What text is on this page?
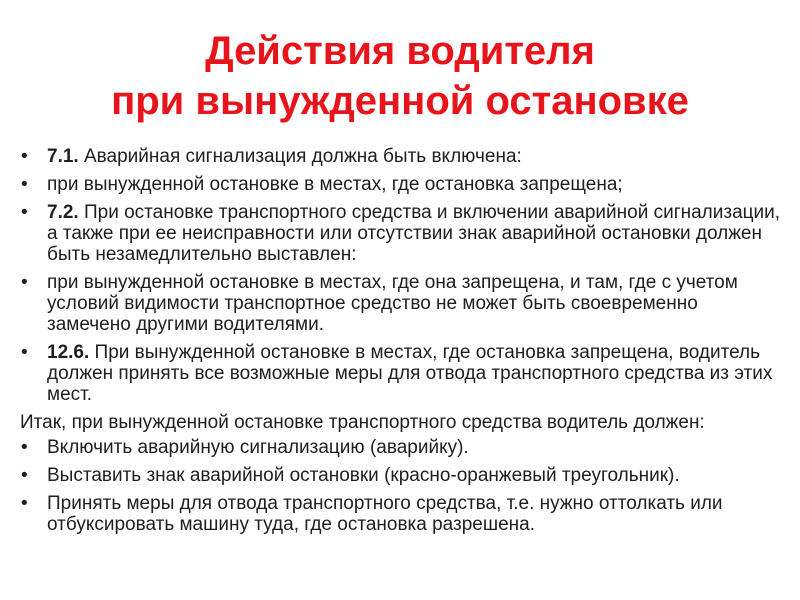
Действия водителя
при вынужденной остановке
• 7.1. Аварийная сигнализация должна быть включена:
• при вынужденной остановке в местах, где остановка запрещена;
• 7.2. При остановке транспортного средства и включении аварийной сигнализации, а также при ее неисправности или отсутствии знак аварийной остановки должен быть незамедлительно выставлен:
• при вынужденной остановке в местах, где она запрещена, и там, где с учетом условий видимости транспортное средство не может быть своевременно замечено другими водителями.
• 12.6. При вынужденной остановке в местах, где остановка запрещена, водитель должен принять все возможные меры для отвода транспортного средства из этих мест.
Итак, при вынужденной остановке транспортного средства водитель должен:
• Включить аварийную сигнализацию (аварийку).
• Выставить знак аварийной остановки (красно-оранжевый треугольник).
• Принять меры для отвода транспортного средства, т.е. нужно оттолкать или отбуксировать машину туда, где остановка разрешена.
